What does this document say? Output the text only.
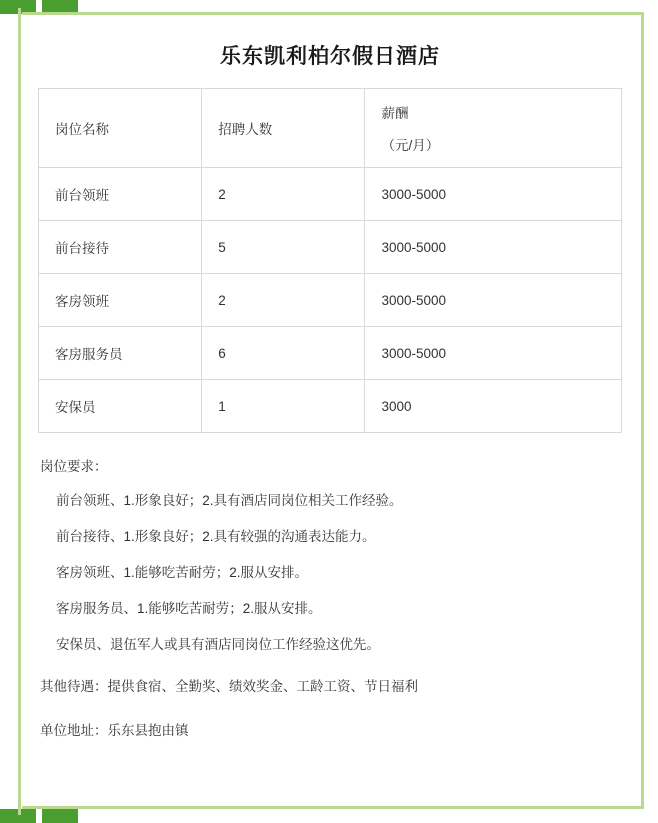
乐东凯利柏尔假日酒店
岗位名称	招聘人数	薪酬
（元/月）

前台领班	2	3000-5000
前台接待	5	3000-5000
客房领班	2	3000-5000
客房服务员	6	3000-5000
安保员	1	3000
岗位要求：
前台领班、1.形象良好；2.具有酒店同岗位相关工作经验。
前台接待、1.形象良好；2.具有较强的沟通表达能力。
客房领班、1.能够吃苦耐劳；2.服从安排。
客房服务员、1.能够吃苦耐劳；2.服从安排。
安保员、退伍军人或具有酒店同岗位工作经验这优先。
其他待遇：提供食宿、全勤奖、绩效奖金、工龄工资、节日福利
单位地址：乐东县抱由镇
